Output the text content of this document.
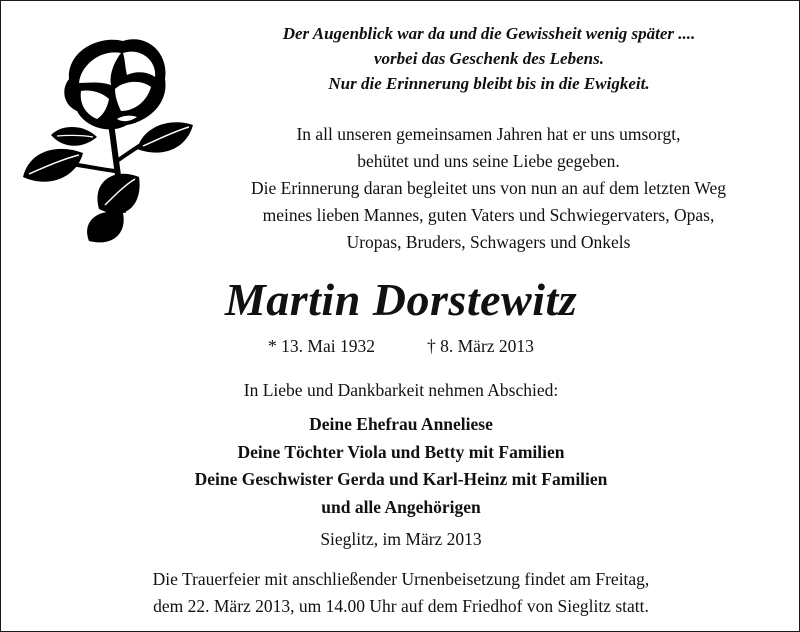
Der Augenblick war da und die Gewissheit wenig später ....
vorbei das Geschenk des Lebens.
Nur die Erinnerung bleibt bis in die Ewigkeit.
In all unseren gemeinsamen Jahren hat er uns umsorgt,
behütet und uns seine Liebe gegeben.
Die Erinnerung daran begleitet uns von nun an auf dem letzten Weg
meines lieben Mannes, guten Vaters und Schwiegervaters, Opas,
Uropas, Bruders, Schwagers und Onkels
Martin Dorstewitz
* 13. Mai 1932	† 8. März 2013
In Liebe und Dankbarkeit nehmen Abschied:
Deine Ehefrau Anneliese
Deine Töchter Viola und Betty mit Familien
Deine Geschwister Gerda und Karl-Heinz mit Familien
und alle Angehörigen
Sieglitz, im März 2013
Die Trauerfeier mit anschließender Urnenbeisetzung findet am Freitag,
dem 22. März 2013, um 14.00 Uhr auf dem Friedhof von Sieglitz statt.
